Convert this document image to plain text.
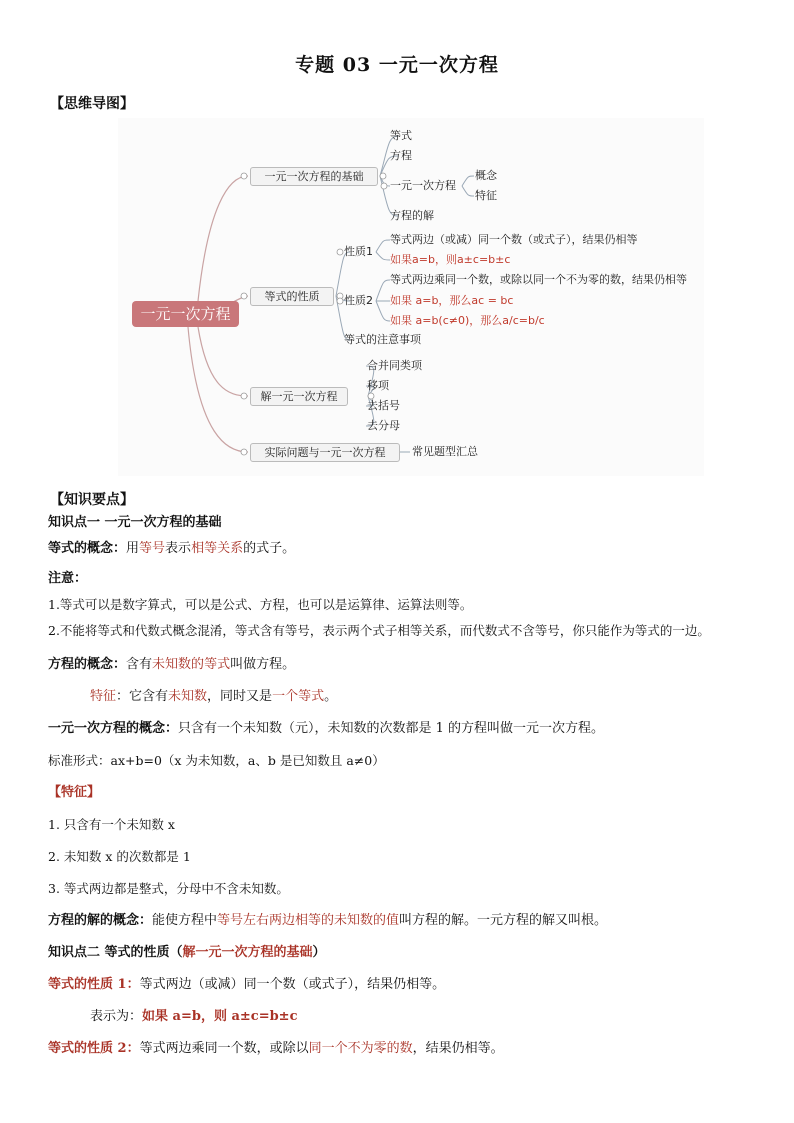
专题 03 一元一次方程
【思维导图】
一元一次方程
一元一次方程的基础
等式
方程
一元一次方程
方程的解
概念
特征
等式的性质
性质1
等式两边（或减）同一个数（或式子），结果仍相等
如果a=b，则a±c=b±c
性质2
等式两边乘同一个数，或除以同一个不为零的数，结果仍相等
如果 a=b，那么ac = bc
如果 a=b(c≠0)，那么a/c=b/c
等式的注意事项
解一元一次方程
合并同类项
移项
去括号
去分母
实际问题与一元一次方程	常见题型汇总
【知识要点】
知识点一 一元一次方程的基础
等式的概念：用等号表示相等关系的式子。
注意：
1.等式可以是数字算式，可以是公式、方程，也可以是运算律、运算法则等。
2.不能将等式和代数式概念混淆，等式含有等号，表示两个式子相等关系，而代数式不含等号，你只能作为等式的一边。
方程的概念：含有未知数的等式叫做方程。
特征：它含有未知数，同时又是一个等式。
一元一次方程的概念：只含有一个未知数（元），未知数的次数都是 1 的方程叫做一元一次方程。
标准形式：ax+b=0（x 为未知数，a、b 是已知数且 a≠0）
【特征】
1. 只含有一个未知数 x
2. 未知数 x 的次数都是 1
3. 等式两边都是整式，分母中不含未知数。
方程的解的概念：能使方程中等号左右两边相等的未知数的值叫方程的解。一元方程的解又叫根。
知识点二 等式的性质（解一元一次方程的基础）
等式的性质 1：等式两边（或减）同一个数（或式子），结果仍相等。
表示为：如果 a=b，则 a±c=b±c
等式的性质 2：等式两边乘同一个数，或除以同一个不为零的数，结果仍相等。
